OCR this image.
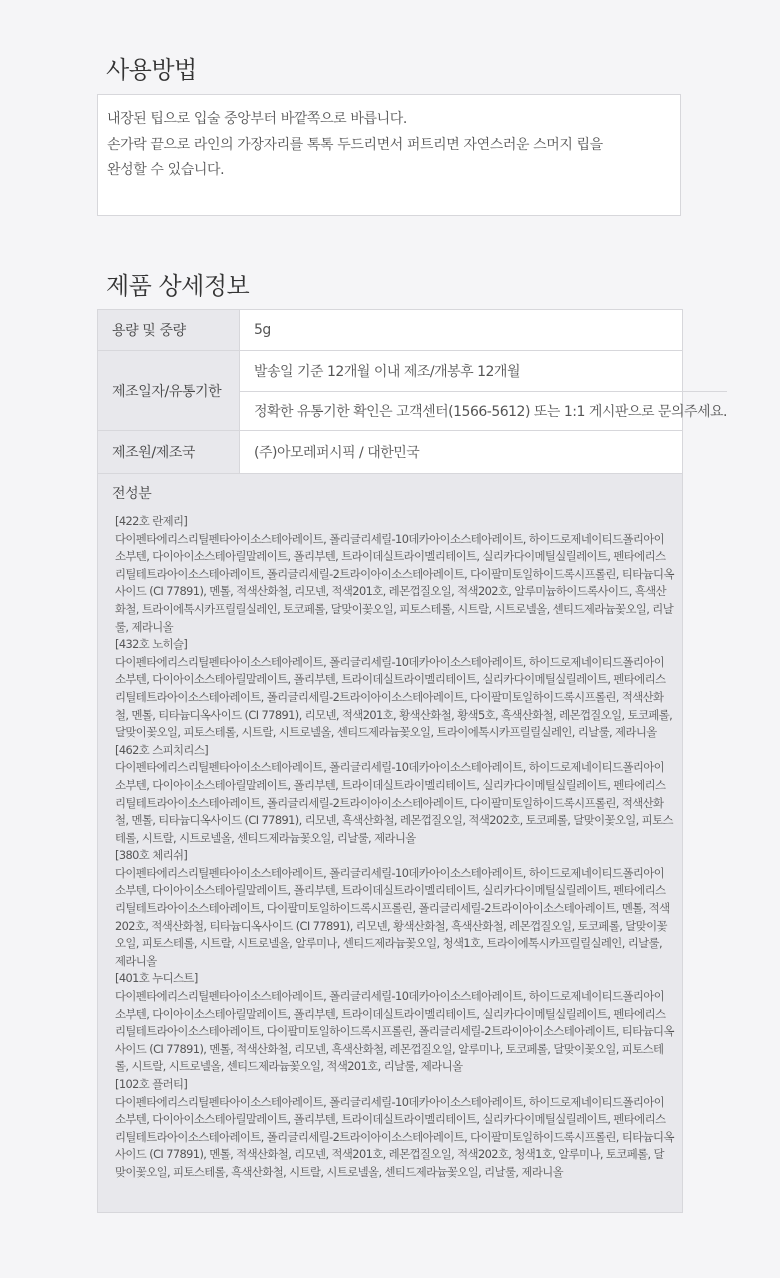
사용방법
내장된 팁으로 입술 중앙부터 바깥쪽으로 바릅니다.
손가락 끝으로 라인의 가장자리를 톡톡 두드리면서 퍼트리면 자연스러운 스머지 립을
완성할 수 있습니다.
제품 상세정보
용량 및 중량	5g
제조일자/유통기한
발송일 기준 12개월 이내 제조/개봉후 12개월
정확한 유통기한 확인은 고객센터(1566-5612) 또는 1:1 게시판으로 문의주세요.
제조원/제조국	(주)아모레퍼시픽 / 대한민국
전성분
[422호 란제리]
다이펜타에리스리틸펜타아이소스테아레이트, 폴리글리세릴-10데카아이소스테아레이트, 하이드로제네이티드폴리아이소부텐, 다이아이소스테아릴말레이트, 폴리부텐, 트라이데실트라이멜리테이트, 실리카다이메틸실릴레이트, 펜타에리스리틸테트라아이소스테아레이트, 폴리글리세릴-2트라이아이소스테아레이트, 다이팔미토일하이드록시프롤린, 티타늄디옥사이드 (CI 77891), 멘톨, 적색산화철, 리모넨, 적색201호, 레몬껍질오일, 적색202호, 알루미늄하이드록사이드, 흑색산화철, 트라이에톡시카프릴릴실레인, 토코페롤, 달맞이꽃오일, 피토스테롤, 시트랄, 시트로넬올, 센티드제라늄꽃오일, 리날룰, 제라니올
[432호 노히슬]
다이펜타에리스리틸펜타아이소스테아레이트, 폴리글리세릴-10데카아이소스테아레이트, 하이드로제네이티드폴리아이소부텐, 다이아이소스테아릴말레이트, 폴리부텐, 트라이데실트라이멜리테이트, 실리카다이메틸실릴레이트, 펜타에리스리틸테트라아이소스테아레이트, 폴리글리세릴-2트라이아이소스테아레이트, 다이팔미토일하이드록시프롤린, 적색산화철, 멘톨, 티타늄디옥사이드 (CI 77891), 리모넨, 적색201호, 황색산화철, 황색5호, 흑색산화철, 레몬껍질오일, 토코페롤, 달맞이꽃오일, 피토스테롤, 시트랄, 시트로넬올, 센티드제라늄꽃오일, 트라이에톡시카프릴릴실레인, 리날룰, 제라니올
[462호 스피치리스]
다이펜타에리스리틸펜타아이소스테아레이트, 폴리글리세릴-10데카아이소스테아레이트, 하이드로제네이티드폴리아이소부텐, 다이아이소스테아릴말레이트, 폴리부텐, 트라이데실트라이멜리테이트, 실리카다이메틸실릴레이트, 펜타에리스리틸테트라아이소스테아레이트, 폴리글리세릴-2트라이아이소스테아레이트, 다이팔미토일하이드록시프롤린, 적색산화철, 멘톨, 티타늄디옥사이드 (CI 77891), 리모넨, 흑색산화철, 레몬껍질오일, 적색202호, 토코페롤, 달맞이꽃오일, 피토스테롤, 시트랄, 시트로넬올, 센티드제라늄꽃오일, 리날룰, 제라니올
[380호 체리쉬]
다이펜타에리스리틸펜타아이소스테아레이트, 폴리글리세릴-10데카아이소스테아레이트, 하이드로제네이티드폴리아이소부텐, 다이아이소스테아릴말레이트, 폴리부텐, 트라이데실트라이멜리테이트, 실리카다이메틸실릴레이트, 펜타에리스리틸테트라아이소스테아레이트, 다이팔미토일하이드록시프롤린, 폴리글리세릴-2트라이아이소스테아레이트, 멘톨, 적색202호, 적색산화철, 티타늄디옥사이드 (CI 77891), 리모넨, 황색산화철, 흑색산화철, 레몬껍질오일, 토코페롤, 달맞이꽃오일, 피토스테롤, 시트랄, 시트로넬올, 알루미나, 센티드제라늄꽃오일, 청색1호, 트라이에톡시카프릴릴실레인, 리날룰, 제라니올
[401호 누디스트]
다이펜타에리스리틸펜타아이소스테아레이트, 폴리글리세릴-10데카아이소스테아레이트, 하이드로제네이티드폴리아이소부텐, 다이아이소스테아릴말레이트, 폴리부텐, 트라이데실트라이멜리테이트, 실리카다이메틸실릴레이트, 펜타에리스리틸테트라아이소스테아레이트, 다이팔미토일하이드록시프롤린, 폴리글리세릴-2트라이아이소스테아레이트, 티타늄디옥사이드 (CI 77891), 멘톨, 적색산화철, 리모넨, 흑색산화철, 레몬껍질오일, 알루미나, 토코페롤, 달맞이꽃오일, 피토스테롤, 시트랄, 시트로넬올, 센티드제라늄꽃오일, 적색201호, 리날룰, 제라니올
[102호 플러티]
다이펜타에리스리틸펜타아이소스테아레이트, 폴리글리세릴-10데카아이소스테아레이트, 하이드로제네이티드폴리아이소부텐, 다이아이소스테아릴말레이트, 폴리부텐, 트라이데실트라이멜리테이트, 실리카다이메틸실릴레이트, 펜타에리스리틸테트라아이소스테아레이트, 폴리글리세릴-2트라이아이소스테아레이트, 다이팔미토일하이드록시프롤린, 티타늄디옥사이드 (CI 77891), 멘톨, 적색산화철, 리모넨, 적색201호, 레몬껍질오일, 적색202호, 청색1호, 알루미나, 토코페롤, 달맞이꽃오일, 피토스테롤, 흑색산화철, 시트랄, 시트로넬올, 센티드제라늄꽃오일, 리날룰, 제라니올
